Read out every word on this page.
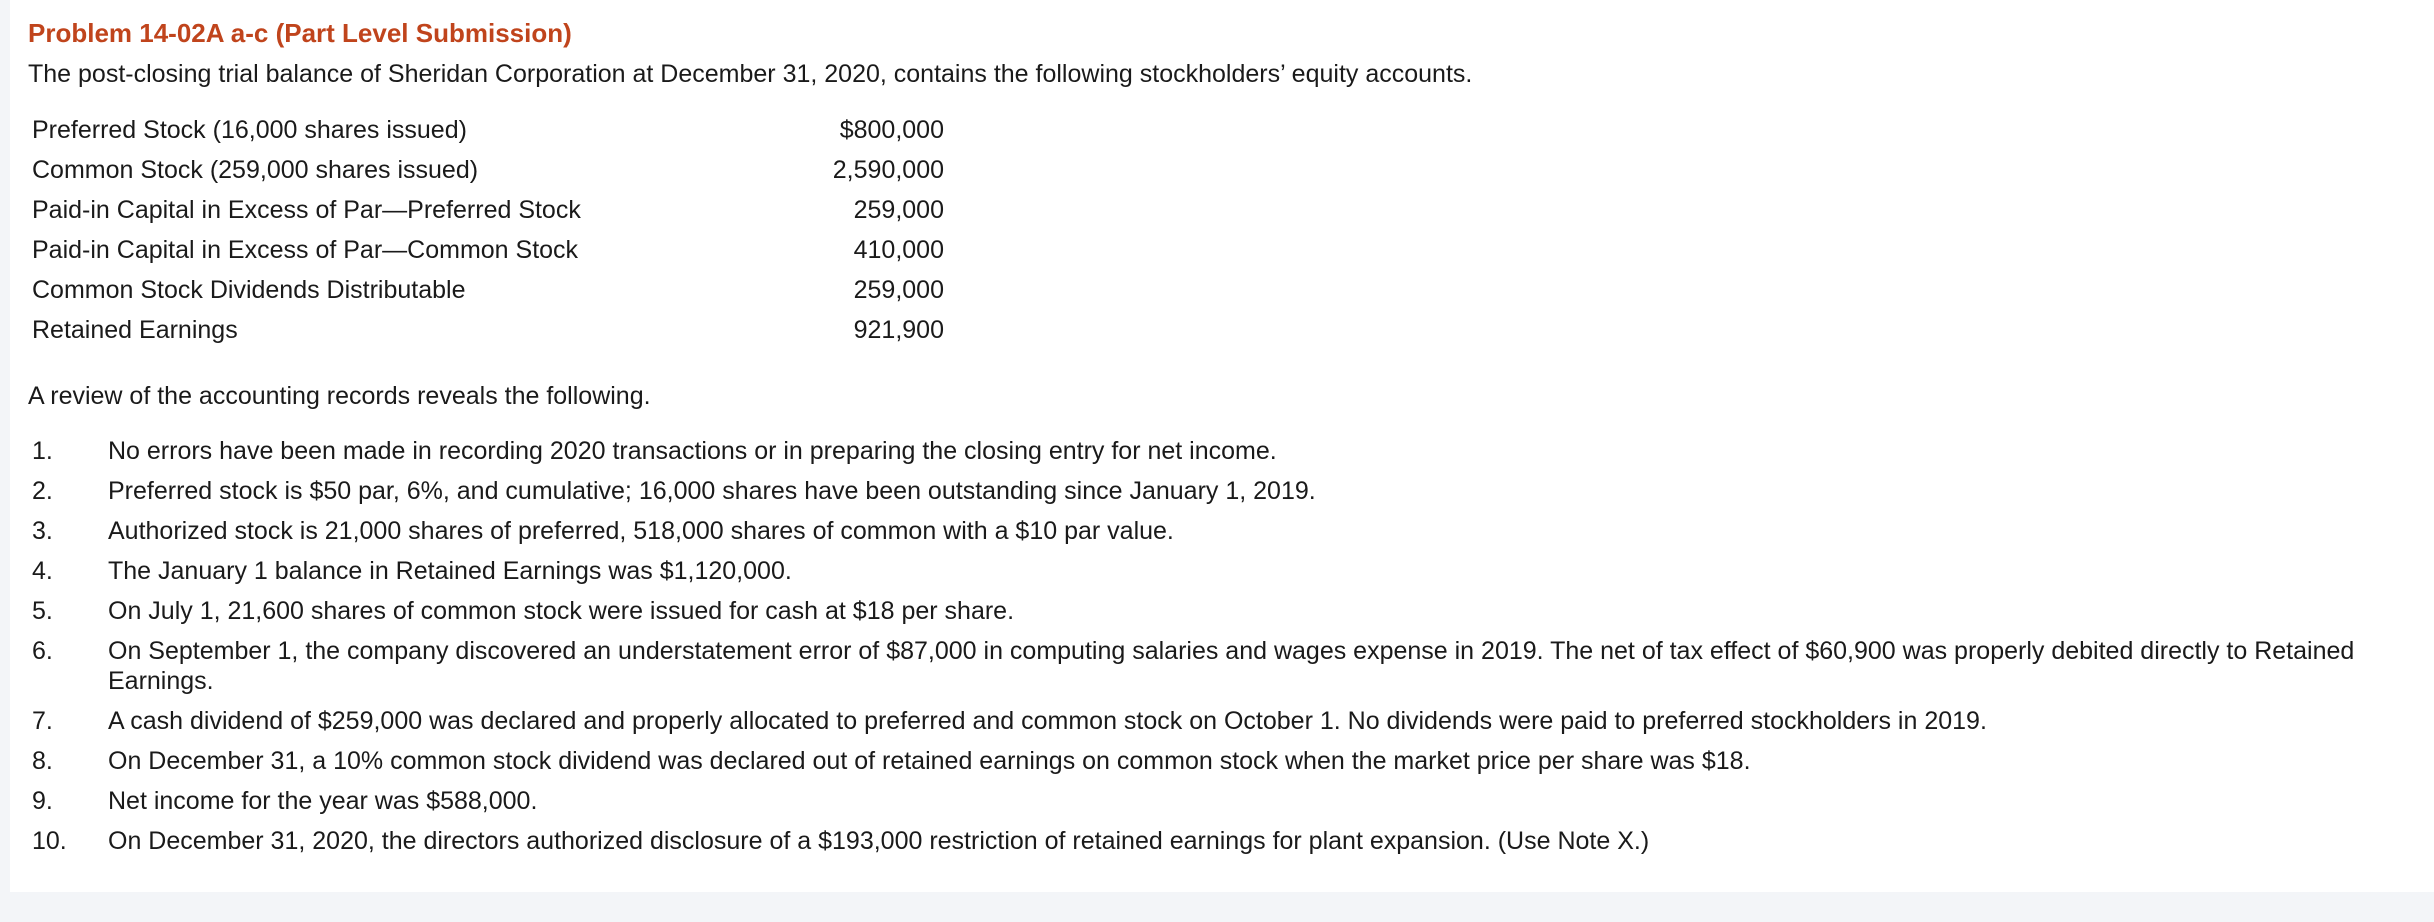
Problem 14-02A a-c (Part Level Submission)

The post-closing trial balance of Sheridan Corporation at December 31, 2020, contains the following stockholders’ equity accounts.

Preferred Stock (16,000 shares issued)	$800,000
Common Stock (259,000 shares issued)	2,590,000
Paid-in Capital in Excess of Par—Preferred Stock	259,000
Paid-in Capital in Excess of Par—Common Stock	410,000
Common Stock Dividends Distributable	259,000
Retained Earnings	921,900

A review of the accounting records reveals the following.

1.	No errors have been made in recording 2020 transactions or in preparing the closing entry for net income.
2.	Preferred stock is $50 par, 6%, and cumulative; 16,000 shares have been outstanding since January 1, 2019.
3.	Authorized stock is 21,000 shares of preferred, 518,000 shares of common with a $10 par value.
4.	The January 1 balance in Retained Earnings was $1,120,000.
5.	On July 1, 21,600 shares of common stock were issued for cash at $18 per share.
6.	On September 1, the company discovered an understatement error of $87,000 in computing salaries and wages expense in 2019. The net of tax effect of $60,900 was properly debited directly to Retained Earnings.
7.	A cash dividend of $259,000 was declared and properly allocated to preferred and common stock on October 1. No dividends were paid to preferred stockholders in 2019.
8.	On December 31, a 10% common stock dividend was declared out of retained earnings on common stock when the market price per share was $18.
9.	Net income for the year was $588,000.
10.	On December 31, 2020, the directors authorized disclosure of a $193,000 restriction of retained earnings for plant expansion. (Use Note X.)
